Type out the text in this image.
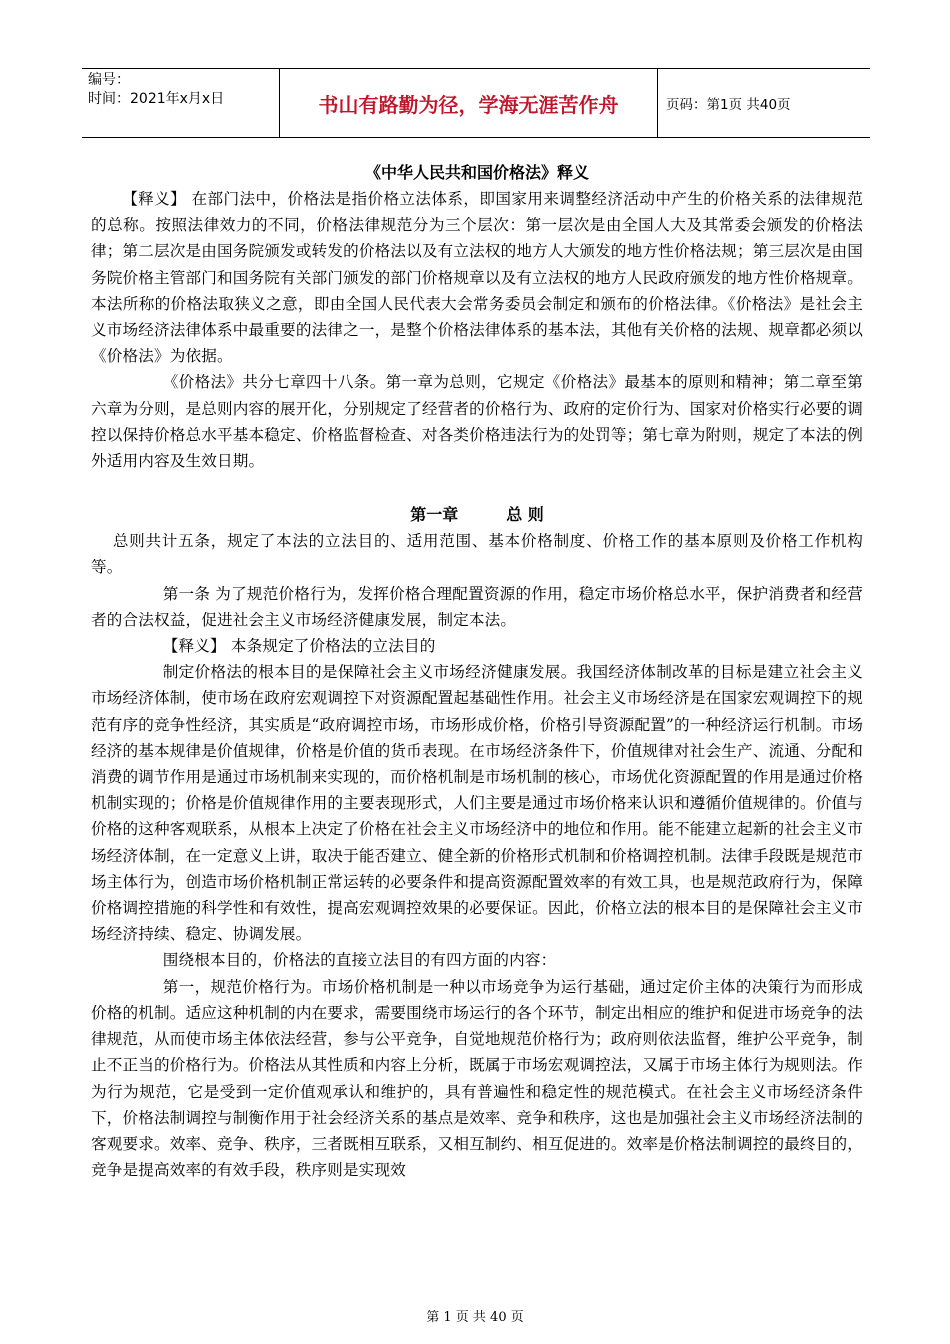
编号：
时间：2021年x月x日	书山有路勤为径，学海无涯苦作舟	页码：第1页 共40页
《中华人民共和国价格法》释义

【释义】 在部门法中，价格法是指价格立法体系，即国家用来调整经济活动中产生的价格关系的法律规范的总称。按照法律效力的不同，价格法律规范分为三个层次：第一层次是由全国人大及其常委会颁发的价格法律；第二层次是由国务院颁发或转发的价格法以及有立法权的地方人大颁发的地方性价格法规；第三层次是由国务院价格主管部门和国务院有关部门颁发的部门价格规章以及有立法权的地方人民政府颁发的地方性价格规章。本法所称的价格法取狭义之意，即由全国人民代表大会常务委员会制定和颁布的价格法律。《价格法》是社会主义市场经济法律体系中最重要的法律之一，是整个价格法律体系的基本法，其他有关价格的法规、规章都必须以《价格法》为依据。

《价格法》共分七章四十八条。第一章为总则，它规定《价格法》最基本的原则和精神；第二章至第六章为分则，是总则内容的展开化，分别规定了经营者的价格行为、政府的定价行为、国家对价格实行必要的调控以保持价格总水平基本稳定、价格监督检查、对各类价格违法行为的处罚等；第七章为附则，规定了本法的例外适用内容及生效日期。

第一章	总 则

总则共计五条，规定了本法的立法目的、适用范围、基本价格制度、价格工作的基本原则及价格工作机构等。

第一条 为了规范价格行为，发挥价格合理配置资源的作用，稳定市场价格总水平，保护消费者和经营者的合法权益，促进社会主义市场经济健康发展，制定本法。

【释义】 本条规定了价格法的立法目的

制定价格法的根本目的是保障社会主义市场经济健康发展。我国经济体制改革的目标是建立社会主义市场经济体制，使市场在政府宏观调控下对资源配置起基础性作用。社会主义市场经济是在国家宏观调控下的规范有序的竞争性经济，其实质是“政府调控市场，市场形成价格，价格引导资源配置”的一种经济运行机制。市场经济的基本规律是价值规律，价格是价值的货币表现。在市场经济条件下，价值规律对社会生产、流通、分配和消费的调节作用是通过市场机制来实现的，而价格机制是市场机制的核心，市场优化资源配置的作用是通过价格机制实现的；价格是价值规律作用的主要表现形式，人们主要是通过市场价格来认识和遵循价值规律的。价值与价格的这种客观联系，从根本上决定了价格在社会主义市场经济中的地位和作用。能不能建立起新的社会主义市场经济体制，在一定意义上讲，取决于能否建立、健全新的价格形式机制和价格调控机制。法律手段既是规范市场主体行为，创造市场价格机制正常运转的必要条件和提高资源配置效率的有效工具，也是规范政府行为，保障价格调控措施的科学性和有效性，提高宏观调控效果的必要保证。因此，价格立法的根本目的是保障社会主义市场经济持续、稳定、协调发展。

围绕根本目的，价格法的直接立法目的有四方面的内容：

第一，规范价格行为。市场价格机制是一种以市场竞争为运行基础，通过定价主体的决策行为而形成价格的机制。适应这种机制的内在要求，需要围绕市场运行的各个环节，制定出相应的维护和促进市场竞争的法律规范，从而使市场主体依法经营，参与公平竞争，自觉地规范价格行为；政府则依法监督，维护公平竞争，制止不正当的价格行为。价格法从其性质和内容上分析，既属于市场宏观调控法，又属于市场主体行为规则法。作为行为规范，它是受到一定价值观承认和维护的，具有普遍性和稳定性的规范模式。在社会主义市场经济条件下，价格法制调控与制衡作用于社会经济关系的基点是效率、竞争和秩序，这也是加强社会主义市场经济法制的客观要求。效率、竞争、秩序，三者既相互联系，又相互制约、相互促进的。效率是价格法制调控的最终目的，竞争是提高效率的有效手段，秩序则是实现效

第 1 页 共 40 页
